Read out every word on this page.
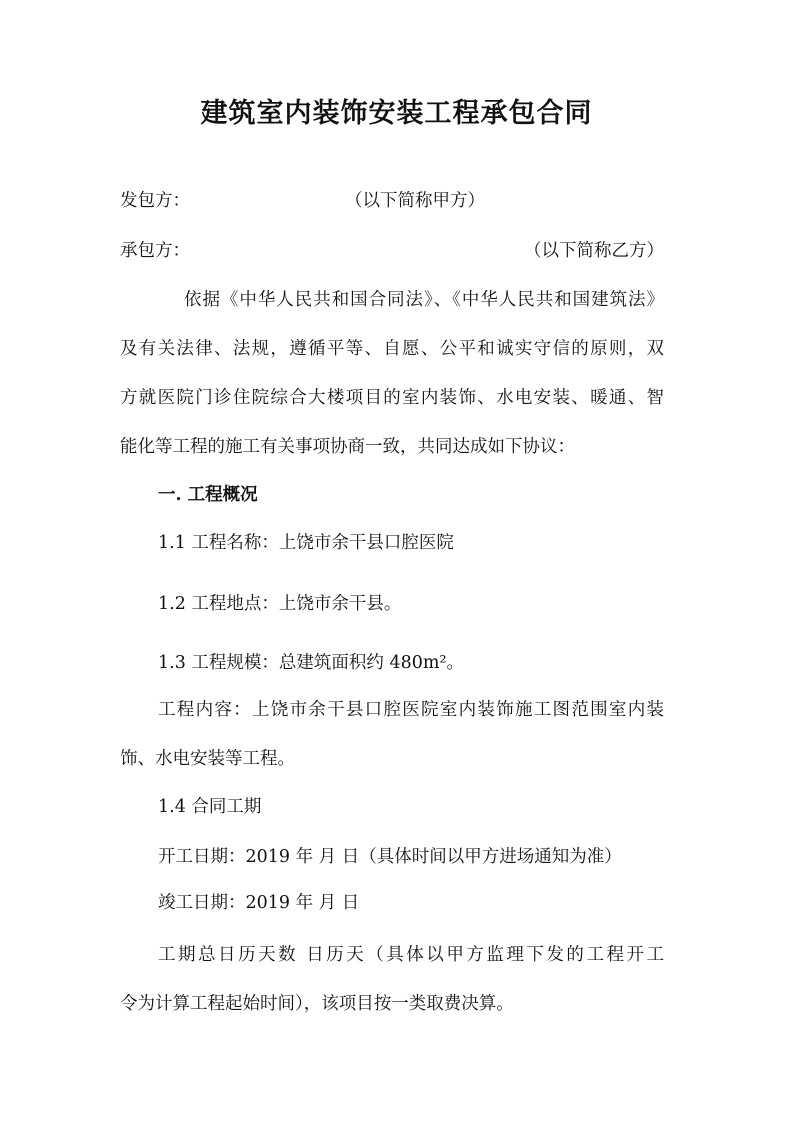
建筑室内装饰安装工程承包合同
发包方：	（以下简称甲方）
承包方：	（以下简称乙方）
依据《中华人民共和国合同法》、《中华人民共和国建筑法》
及有关法律、法规，遵循平等、自愿、公平和诚实守信的原则，双
方就医院门诊住院综合大楼项目的室内装饰、水电安装、暖通、智
能化等工程的施工有关事项协商一致，共同达成如下协议：
一. 工程概况
1.1 工程名称：上饶市余干县口腔医院
1.2 工程地点：上饶市余干县。
1.3 工程规模：总建筑面积约 480m²。
工程内容：上饶市余干县口腔医院室内装饰施工图范围室内装
饰、水电安装等工程。
1.4 合同工期
开工日期：2019 年 月 日（具体时间以甲方进场通知为准）
竣工日期：2019 年 月 日
工期总日历天数 日历天（具体以甲方监理下发的工程开工
令为计算工程起始时间），该项目按一类取费决算。
